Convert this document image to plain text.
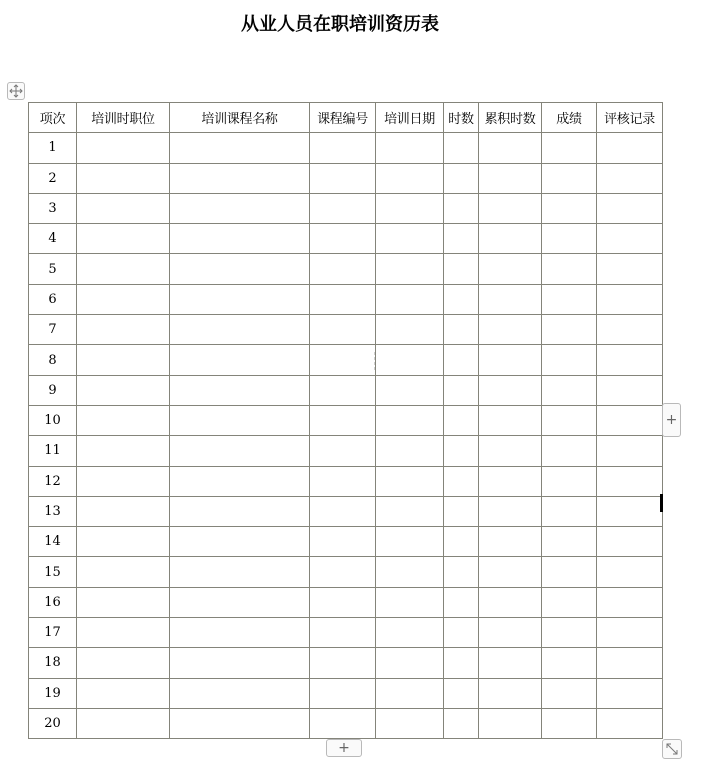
从业人员在职培训资历表
项次	培训时职位	培训课程名称	课程编号	培训日期	时数	累积时数	成绩	评核记录
1								
2								
3								
4								
5								
6								
7								
8								
9								
10								
11								
12								
13								
14								
15								
16								
17								
18								
19								
20								
+
+
